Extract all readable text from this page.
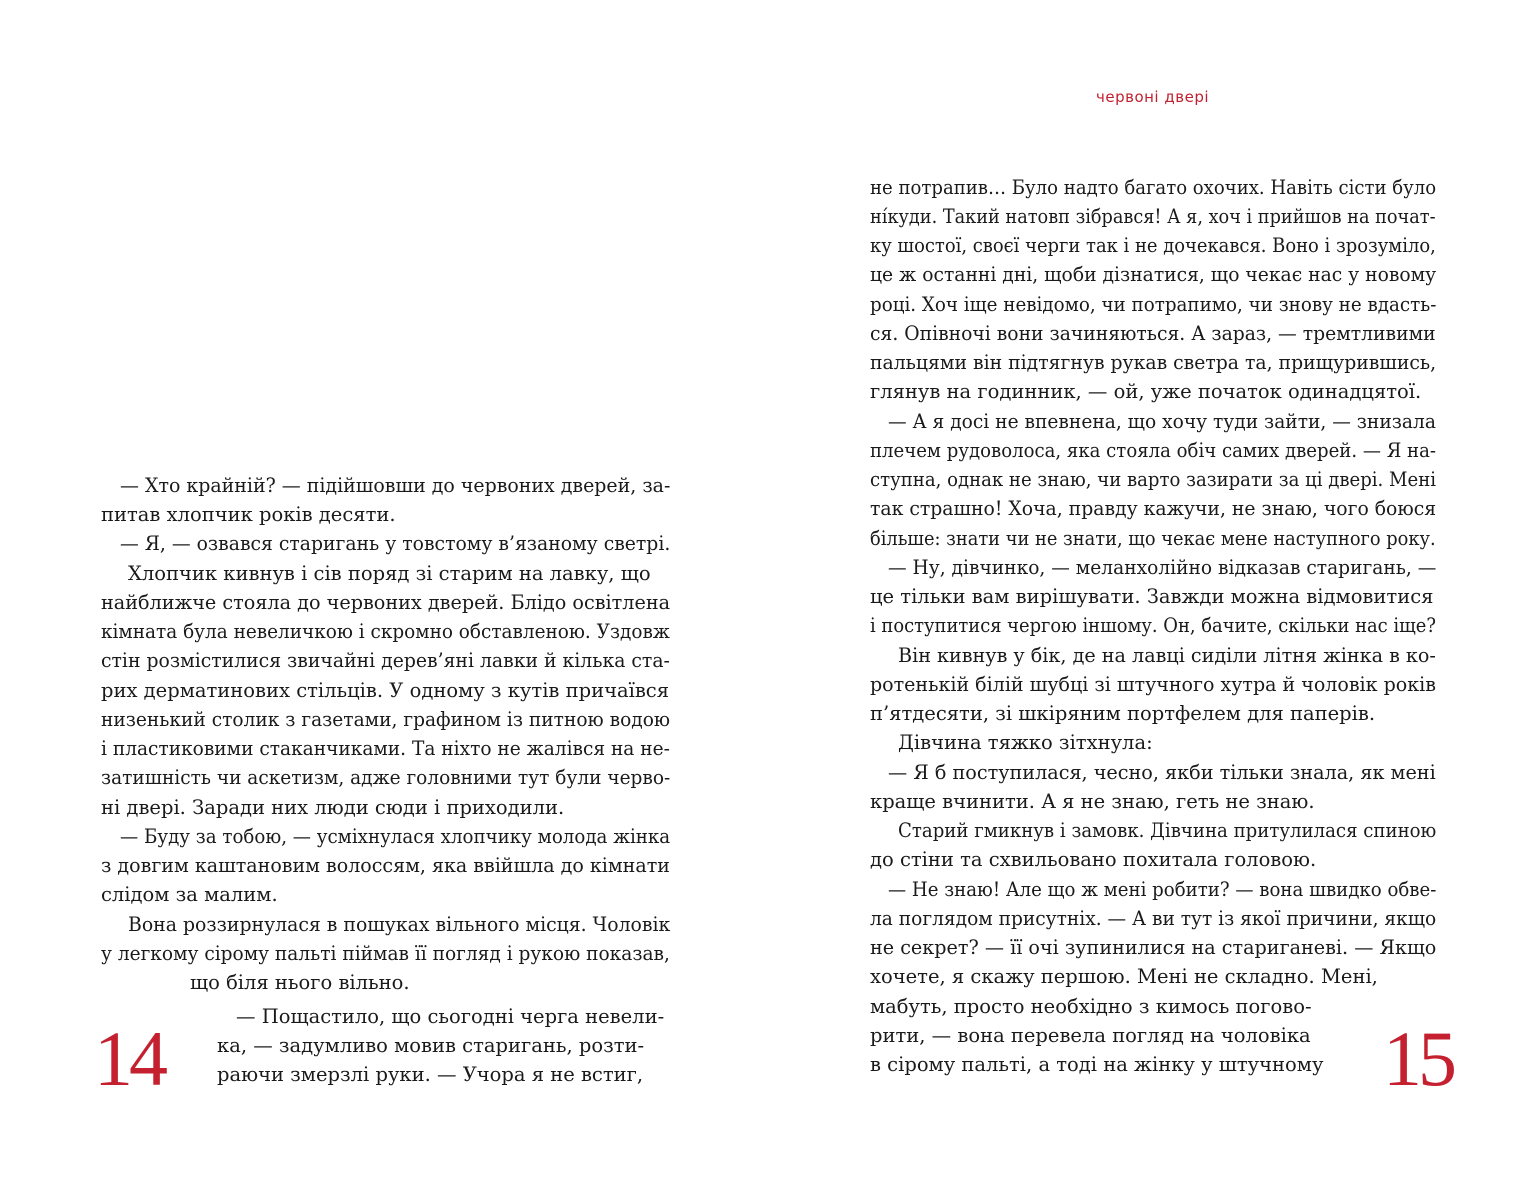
14
— Хто крайній? — підійшовши до червоних дверей, за-
питав хлопчик років десяти.
— Я, — озвався старигань у товстому в’язаному светрі.
Хлопчик кивнув і сів поряд зі старим на лавку, що
найближче стояла до червоних дверей. Блідо освітлена
кімната була невеличкою і скромно обставленою. Уздовж
стін розмістилися звичайні дерев’яні лавки й кілька ста-
рих дерматинових стільців. У одному з кутів причаївся
низенький столик з газетами, графином із питною водою
і пластиковими стаканчиками. Та ніхто не жалівся на не-
затишність чи аскетизм, адже головними тут були черво-
ні двері. Заради них люди сюди і приходили.
— Буду за тобою, — усміхнулася хлопчику молода жінка
з довгим каштановим волоссям, яка ввійшла до кімнати
слідом за малим.
Вона роззирнулася в пошуках вільного місця. Чоловік
у легкому сірому пальті піймав її погляд і рукою показав,
що біля нього вільно.
— Пощастило, що сьогодні черга невели-
ка, — задумливо мовив старигань, розти-
раючи змерзлі руки. — Учора я не встиг,
червоні двері
15
не потрапив… Було надто багато охочих. Навіть сісти було
ні́куди. Такий натовп зібрався! А я, хоч і прийшов на почат-
ку шостої, своєї черги так і не дочекався. Воно і зрозуміло,
це ж останні дні, щоби дізнатися, що чекає нас у новому
році. Хоч іще невідомо, чи потрапимо, чи знову не вдасть-
ся. Опівночі вони зачиняються. А зараз, — тремтливими
пальцями він підтягнув рукав светра та, прищурившись,
глянув на годинник, — ой, уже початок одинадцятої.
— А я досі не впевнена, що хочу туди зайти, — знизала
плечем рудоволоса, яка стояла обіч самих дверей. — Я на-
ступна, однак не знаю, чи варто зазирати за ці двері. Мені
так страшно! Хоча, правду кажучи, не знаю, чого боюся
більше: знати чи не знати, що чекає мене наступного року.
— Ну, дівчинко, — меланхолійно відказав старигань, —
це тільки вам вирішувати. Завжди можна відмовитися
і поступитися чергою іншому. Он, бачите, скільки нас іще?
Він кивнув у бік, де на лавці сиділи літня жінка в ко-
ротенькій білій шубці зі штучного хутра й чоловік років
п’ятдесяти, зі шкіряним портфелем для паперів.
Дівчина тяжко зітхнула:
— Я б поступилася, чесно, якби тільки знала, як мені
краще вчинити. А я не знаю, геть не знаю.
Старий гмикнув і замовк. Дівчина притулилася спиною
до стіни та схвильовано похитала головою.
— Не знаю! Але що ж мені робити? — вона швидко обве-
ла поглядом присутніх. — А ви тут із якої причини, якщо
не секрет? — її очі зупинилися на стариганеві. — Якщо
хочете, я скажу першою. Мені не складно. Мені,
мабуть, просто необхідно з кимось погово-
рити, — вона перевела погляд на чоловіка
в сірому пальті, а тоді на жінку у штучному
